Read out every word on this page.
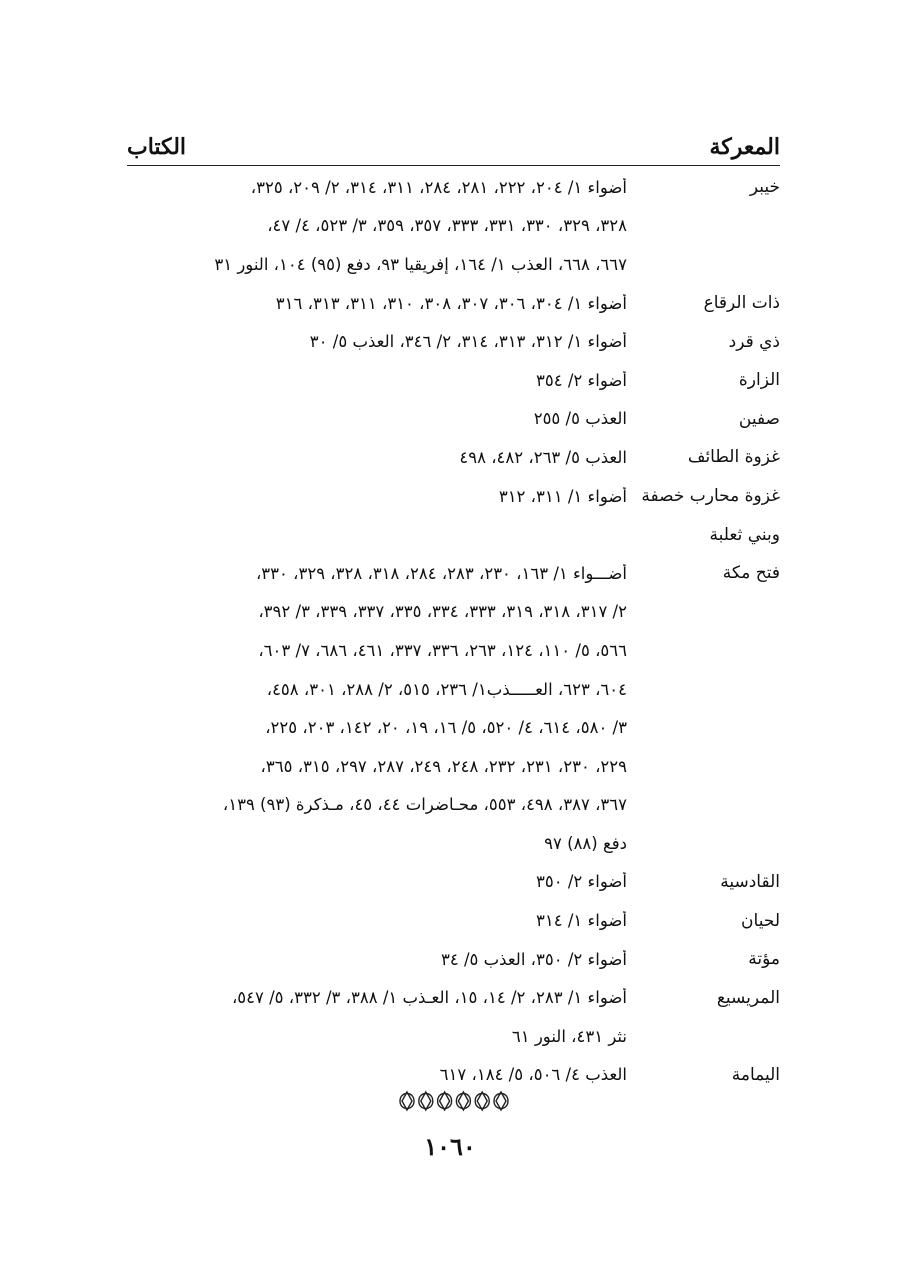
المعركة
الكتاب
خيبر
أضواء ١/ ٢٠٤، ٢٢٢، ٢٨١، ٢٨٤، ٣١١، ٣١٤، ٢/ ٢٠٩، ٣٢٥،
٣٢٨، ٣٢٩، ٣٣٠، ٣٣١، ٣٣٣، ٣٥٧، ٣٥٩، ٣/ ٥٢٣، ٤/ ٤٧،
٦٦٧، ٦٦٨، العذب ١/ ١٦٤، إفريقيا ٩٣، دفع (٩٥) ١٠٤، النور ٣١
ذات الرقاع
أضواء ١/ ٣٠٤، ٣٠٦، ٣٠٧، ٣٠٨، ٣١٠، ٣١١، ٣١٣، ٣١٦
ذي قرد
أضواء ١/ ٣١٢، ٣١٣، ٣١٤، ٢/ ٣٤٦، العذب ٥/ ٣٠
الزارة
أضواء ٢/ ٣٥٤
صفين
العذب ٥/ ٢٥٥
غزوة الطائف
العذب ٥/ ٢٦٣، ٤٨٢، ٤٩٨
غزوة محارب خصفة
أضواء ١/ ٣١١، ٣١٢
وبني ثعلبة
فتح مكة
أضـــواء ١/ ١٦٣، ٢٣٠، ٢٨٣، ٢٨٤، ٣١٨، ٣٢٨، ٣٢٩، ٣٣٠،
٢/ ٣١٧، ٣١٨، ٣١٩، ٣٣٣، ٣٣٤، ٣٣٥، ٣٣٧، ٣٣٩، ٣/ ٣٩٢،
٥٦٦، ٥/ ١١٠، ١٢٤، ٢٦٣، ٣٣٦، ٣٣٧، ٤٦١، ٦٨٦، ٧/ ٦٠٣،
٦٠٤، ٦٢٣، العـــــذب١/ ٢٣٦، ٥١٥، ٢/ ٢٨٨، ٣٠١، ٤٥٨،
٣/ ٥٨٠، ٦١٤، ٤/ ٥٢٠، ٥/ ١٦، ١٩، ٢٠، ١٤٢، ٢٠٣، ٢٢٥،
٢٢٩، ٢٣٠، ٢٣١، ٢٣٢، ٢٤٨، ٢٤٩، ٢٨٧، ٢٩٧، ٣١٥، ٣٦٥،
٣٦٧، ٣٨٧، ٤٩٨، ٥٥٣، محـاضرات ٤٤، ٤٥، مـذكرة (٩٣) ١٣٩،
دفع (٨٨) ٩٧
القادسية
أضواء ٢/ ٣٥٠
لحيان
أضواء ١/ ٣١٤
مؤتة
أضواء ٢/ ٣٥٠، العذب ٥/ ٣٤
المريسيع
أضواء ١/ ٢٨٣، ٢/ ١٤، ١٥، العـذب ١/ ٣٨٨، ٣/ ٣٣٢، ٥/ ٥٤٧،
نثر ٤٣١، النور ٦١
اليمامة
العذب ٤/ ٥٠٦، ٥/ ١٨٤، ٦١٧
١٠٦٠
